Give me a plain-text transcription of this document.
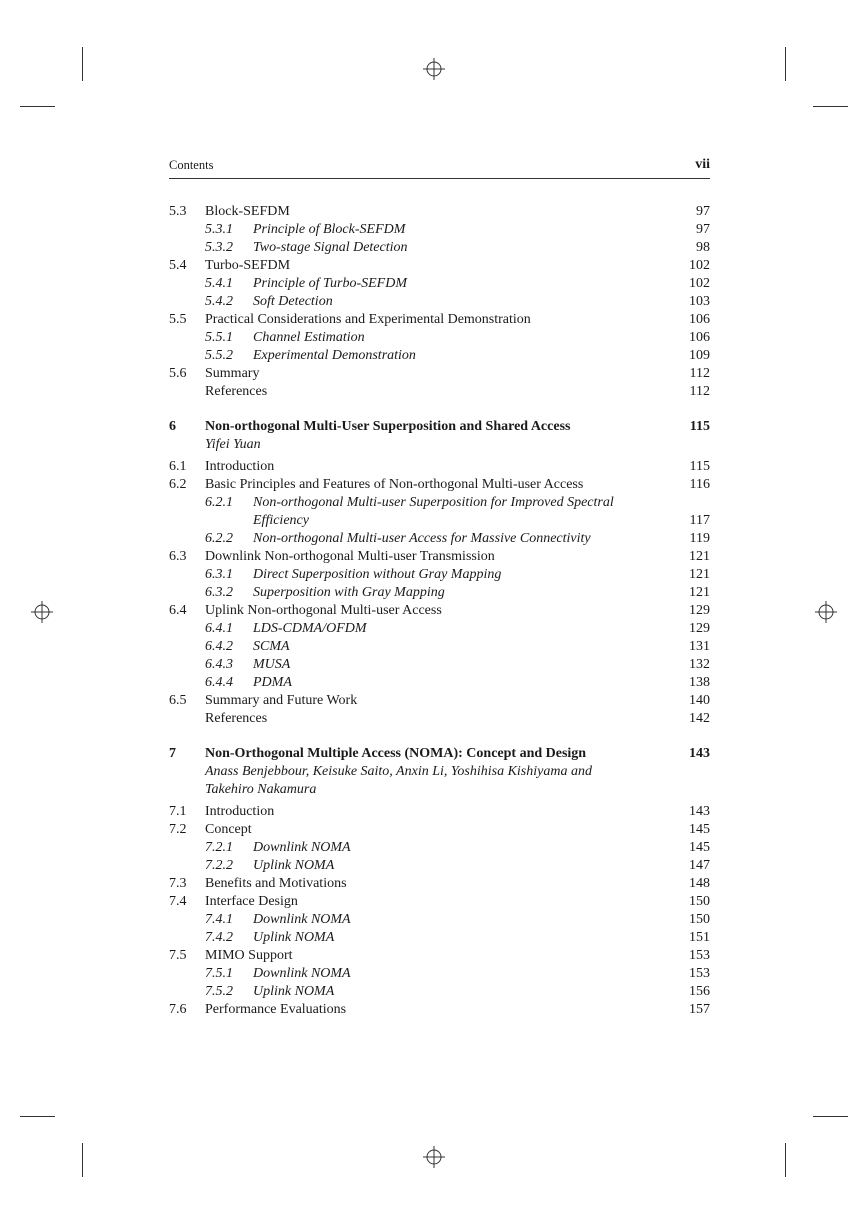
Contents	vii
5.3 Block-SEFDM	97
5.3.1 Principle of Block-SEFDM	97
5.3.2 Two-stage Signal Detection	98
5.4 Turbo-SEFDM	102
5.4.1 Principle of Turbo-SEFDM	102
5.4.2 Soft Detection	103
5.5 Practical Considerations and Experimental Demonstration	106
5.5.1 Channel Estimation	106
5.5.2 Experimental Demonstration	109
5.6 Summary	112
References	112
6 Non-orthogonal Multi-User Superposition and Shared Access	115
Yifei Yuan
6.1 Introduction	115
6.2 Basic Principles and Features of Non-orthogonal Multi-user Access	116
6.2.1 Non-orthogonal Multi-user Superposition for Improved Spectral Efficiency	117
6.2.2 Non-orthogonal Multi-user Access for Massive Connectivity	119
6.3 Downlink Non-orthogonal Multi-user Transmission	121
6.3.1 Direct Superposition without Gray Mapping	121
6.3.2 Superposition with Gray Mapping	121
6.4 Uplink Non-orthogonal Multi-user Access	129
6.4.1 LDS-CDMA/OFDM	129
6.4.2 SCMA	131
6.4.3 MUSA	132
6.4.4 PDMA	138
6.5 Summary and Future Work	140
References	142
7 Non-Orthogonal Multiple Access (NOMA): Concept and Design	143
Anass Benjebbour, Keisuke Saito, Anxin Li, Yoshihisa Kishiyama and Takehiro Nakamura
7.1 Introduction	143
7.2 Concept	145
7.2.1 Downlink NOMA	145
7.2.2 Uplink NOMA	147
7.3 Benefits and Motivations	148
7.4 Interface Design	150
7.4.1 Downlink NOMA	150
7.4.2 Uplink NOMA	151
7.5 MIMO Support	153
7.5.1 Downlink NOMA	153
7.5.2 Uplink NOMA	156
7.6 Performance Evaluations	157
